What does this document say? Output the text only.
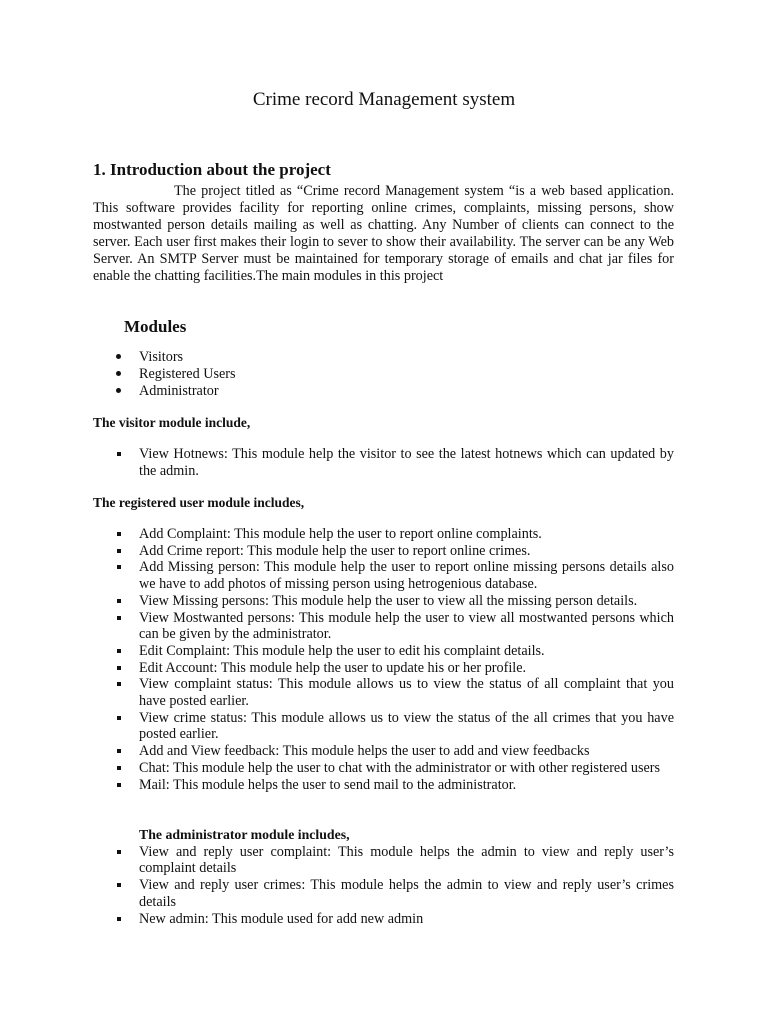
Crime record Management system
1. Introduction about the project

The project titled as “Crime record Management system “is a web based application. This software provides facility for reporting online crimes, complaints, missing persons, show mostwanted person details mailing as well as chatting. Any Number of clients can connect to the server. Each user first makes their login to sever to show their availability. The server can be any Web Server. An SMTP Server must be maintained for temporary storage of emails and chat jar files for enable the chatting facilities.The main modules in this project

Modules
Visitors
Registered Users
Administrator
The visitor module include,
View Hotnews: This module help the visitor to see the latest hotnews which can updated by the admin.
The registered user module includes,
Add Complaint: This module help the user to report online complaints.
Add Crime report: This module help the user to report online crimes.
Add Missing person: This module help the user to report online missing persons details also we have to add photos of missing person using hetrogenious database.
View Missing persons: This module help the user to view all the missing person details.
View Mostwanted persons: This module help the user to view all mostwanted persons which can be given by the administrator.
Edit Complaint: This module help the user to edit his complaint details.
Edit Account: This module help the user to update his or her profile.
View complaint status: This module allows us to view the status of all complaint that you have posted earlier.
View crime status: This module allows us to view the status of the all crimes that you have posted earlier.
Add and View feedback: This module helps the user to add and view feedbacks
Chat: This module help the user to chat with the administrator or with other registered users
Mail: This module helps the user to send mail to the administrator.
The administrator module includes,
View and reply user complaint: This module helps the admin to view and reply user’s complaint details
View and reply user crimes: This module helps the admin to view and reply user’s crimes details
New admin: This module used for add new admin
